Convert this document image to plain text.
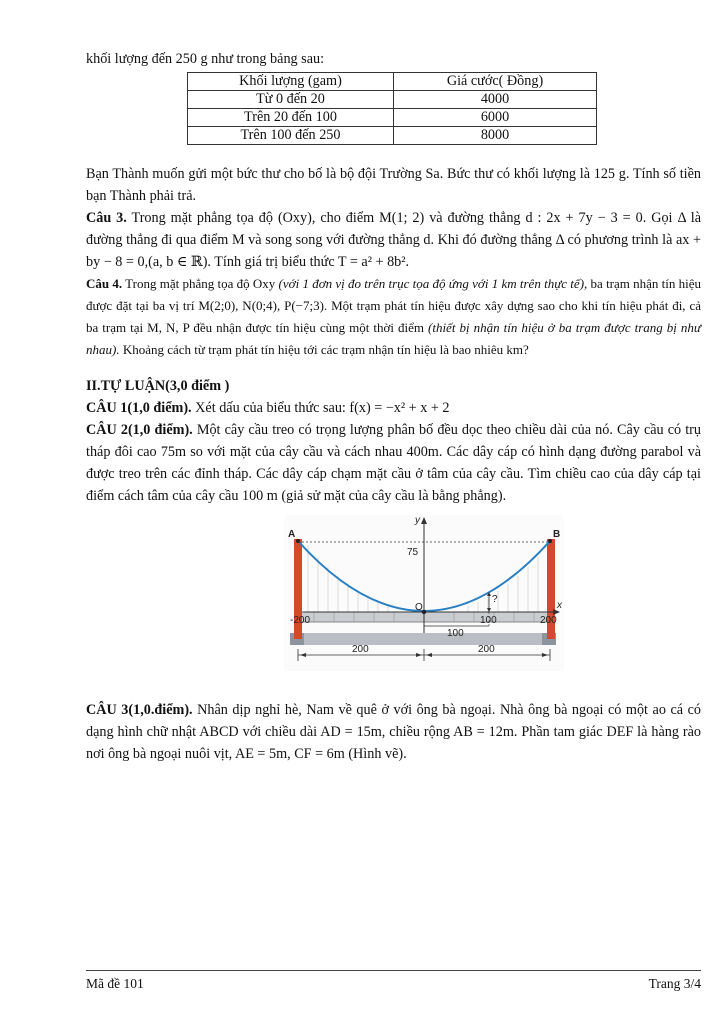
khối lượng đến 250 g như trong bảng sau:

Khối lượng (gam)	Giá cước( Đồng)
Từ 0 đến 20	4000
Trên 20 đến 100	6000
Trên 100 đến 250	8000

Bạn Thành muốn gửi một bức thư cho bố là bộ đội Trường Sa. Bức thư có khối lượng là 125 g. Tính số tiền bạn Thành phải trả.

Câu 3. Trong mặt phẳng tọa độ (Oxy), cho điểm M(1; 2) và đường thẳng d : 2x + 7y − 3 = 0. Gọi Δ là đường thẳng đi qua điểm M và song song với đường thẳng d. Khi đó đường thẳng Δ có phương trình là ax + by − 8 = 0,(a, b ∈ ℝ). Tính giá trị biểu thức T = a² + 8b².

Câu 4. Trong mặt phẳng tọa độ Oxy (với 1 đơn vị đo trên trục tọa độ ứng với 1 km trên thực tế), ba trạm nhận tín hiệu được đặt tại ba vị trí M(2;0), N(0;4), P(−7;3). Một trạm phát tín hiệu được xây dựng sao cho khi tín hiệu phát đi, cả ba trạm tại M, N, P đều nhận được tín hiệu cùng một thời điểm (thiết bị nhận tín hiệu ở ba trạm được trang bị như nhau). Khoảng cách từ trạm phát tín hiệu tới các trạm nhận tín hiệu là bao nhiêu km?

II.TỰ LUẬN(3,0 điểm )

CÂU 1(1,0 điểm). Xét dấu của biểu thức sau: f(x) = −x² + x + 2

CÂU 2(1,0 điểm). Một cây cầu treo có trọng lượng phân bố đều dọc theo chiều dài của nó. Cây cầu có trụ tháp đôi cao 75m so với mặt của cây cầu và cách nhau 400m. Các dây cáp có hình dạng đường parabol và được treo trên các đỉnh tháp. Các dây cáp chạm mặt cầu ở tâm của cây cầu. Tìm chiều cao của dây cáp tại điểm cách tâm của cây cầu 100 m (giả sử mặt của cây cầu là bằng phẳng).

A	B
O	x
y
75
?
-200	100	200
100
200	200

CÂU 3(1,0.điểm). Nhân dịp nghỉ hè, Nam về quê ở với ông bà ngoại. Nhà ông bà ngoại có một ao cá có dạng hình chữ nhật ABCD với chiều dài AD = 15m, chiều rộng AB = 12m. Phần tam giác DEF là hàng rào nơi ông bà ngoại nuôi vịt, AE = 5m, CF = 6m (Hình vẽ).

Mã đề 101	Trang 3/4
